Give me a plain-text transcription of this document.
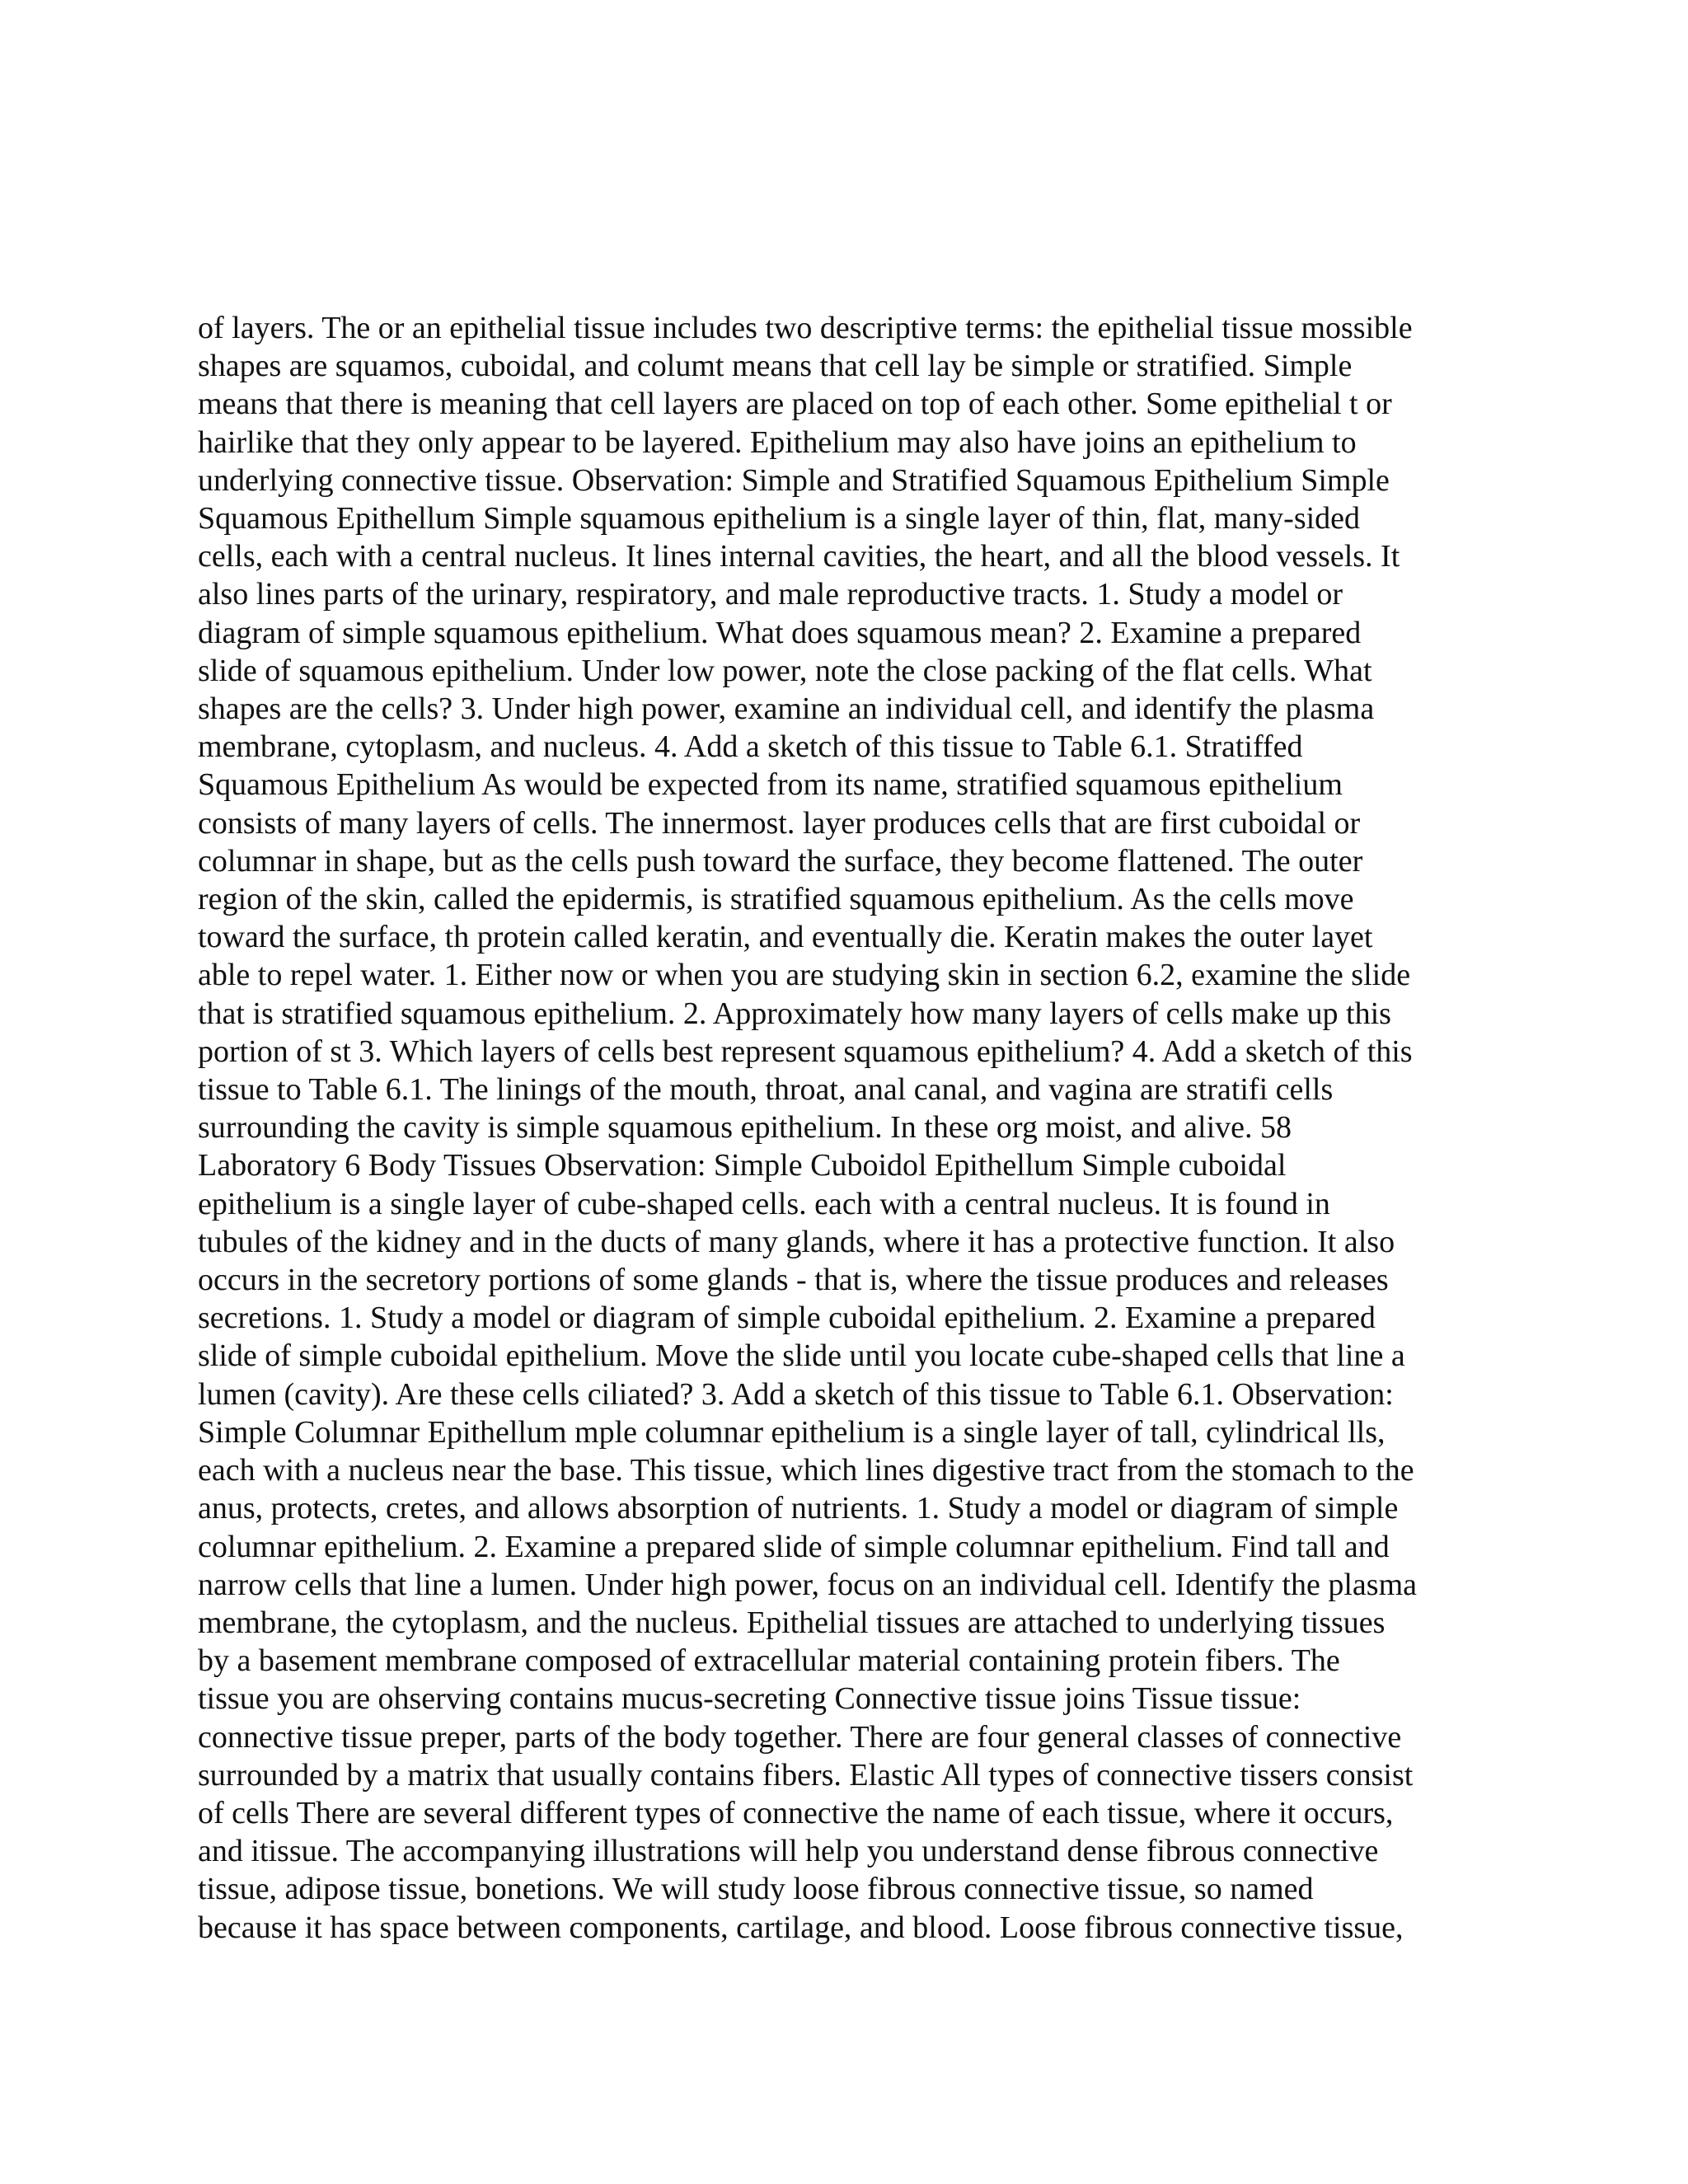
of layers. The or an epithelial tissue includes two descriptive terms: the epithelial tissue mossible
shapes are squamos, cuboidal, and columt means that cell lay be simple or stratified. Simple
means that there is meaning that cell layers are placed on top of each other. Some epithelial t or
hairlike that they only appear to be layered. Epithelium may also have joins an epithelium to
underlying connective tissue. Observation: Simple and Stratified Squamous Epithelium Simple
Squamous Epithellum Simple squamous epithelium is a single layer of thin, flat, many-sided
cells, each with a central nucleus. It lines internal cavities, the heart, and all the blood vessels. It
also lines parts of the urinary, respiratory, and male reproductive tracts. 1. Study a model or
diagram of simple squamous epithelium. What does squamous mean? 2. Examine a prepared
slide of squamous epithelium. Under low power, note the close packing of the flat cells. What
shapes are the cells? 3. Under high power, examine an individual cell, and identify the plasma
membrane, cytoplasm, and nucleus. 4. Add a sketch of this tissue to Table 6.1. Stratiffed
Squamous Epithelium As would be expected from its name, stratified squamous epithelium
consists of many layers of cells. The innermost. layer produces cells that are first cuboidal or
columnar in shape, but as the cells push toward the surface, they become flattened. The outer
region of the skin, called the epidermis, is stratified squamous epithelium. As the cells move
toward the surface, th protein called keratin, and eventually die. Keratin makes the outer layet
able to repel water. 1. Either now or when you are studying skin in section 6.2, examine the slide
that is stratified squamous epithelium. 2. Approximately how many layers of cells make up this
portion of st 3. Which layers of cells best represent squamous epithelium? 4. Add a sketch of this
tissue to Table 6.1. The linings of the mouth, throat, anal canal, and vagina are stratifi cells
surrounding the cavity is simple squamous epithelium. In these org moist, and alive. 58
Laboratory 6 Body Tissues Observation: Simple Cuboidol Epithellum Simple cuboidal
epithelium is a single layer of cube-shaped cells. each with a central nucleus. It is found in
tubules of the kidney and in the ducts of many glands, where it has a protective function. It also
occurs in the secretory portions of some glands - that is, where the tissue produces and releases
secretions. 1. Study a model or diagram of simple cuboidal epithelium. 2. Examine a prepared
slide of simple cuboidal epithelium. Move the slide until you locate cube-shaped cells that line a
lumen (cavity). Are these cells ciliated? 3. Add a sketch of this tissue to Table 6.1. Observation:
Simple Columnar Epithellum mple columnar epithelium is a single layer of tall, cylindrical lls,
each with a nucleus near the base. This tissue, which lines digestive tract from the stomach to the
anus, protects, cretes, and allows absorption of nutrients. 1. Study a model or diagram of simple
columnar epithelium. 2. Examine a prepared slide of simple columnar epithelium. Find tall and
narrow cells that line a lumen. Under high power, focus on an individual cell. Identify the plasma
membrane, the cytoplasm, and the nucleus. Epithelial tissues are attached to underlying tissues
by a basement membrane composed of extracellular material containing protein fibers. The
tissue you are ohserving contains mucus-secreting Connective tissue joins Tissue tissue:
connective tissue preper, parts of the body together. There are four general classes of connective
surrounded by a matrix that usually contains fibers. Elastic All types of connective tissers consist
of cells There are several different types of connective the name of each tissue, where it occurs,
and itissue. The accompanying illustrations will help you understand dense fibrous connective
tissue, adipose tissue, bonetions. We will study loose fibrous connective tissue, so named
because it has space between components, cartilage, and blood. Loose fibrous connective tissue,
